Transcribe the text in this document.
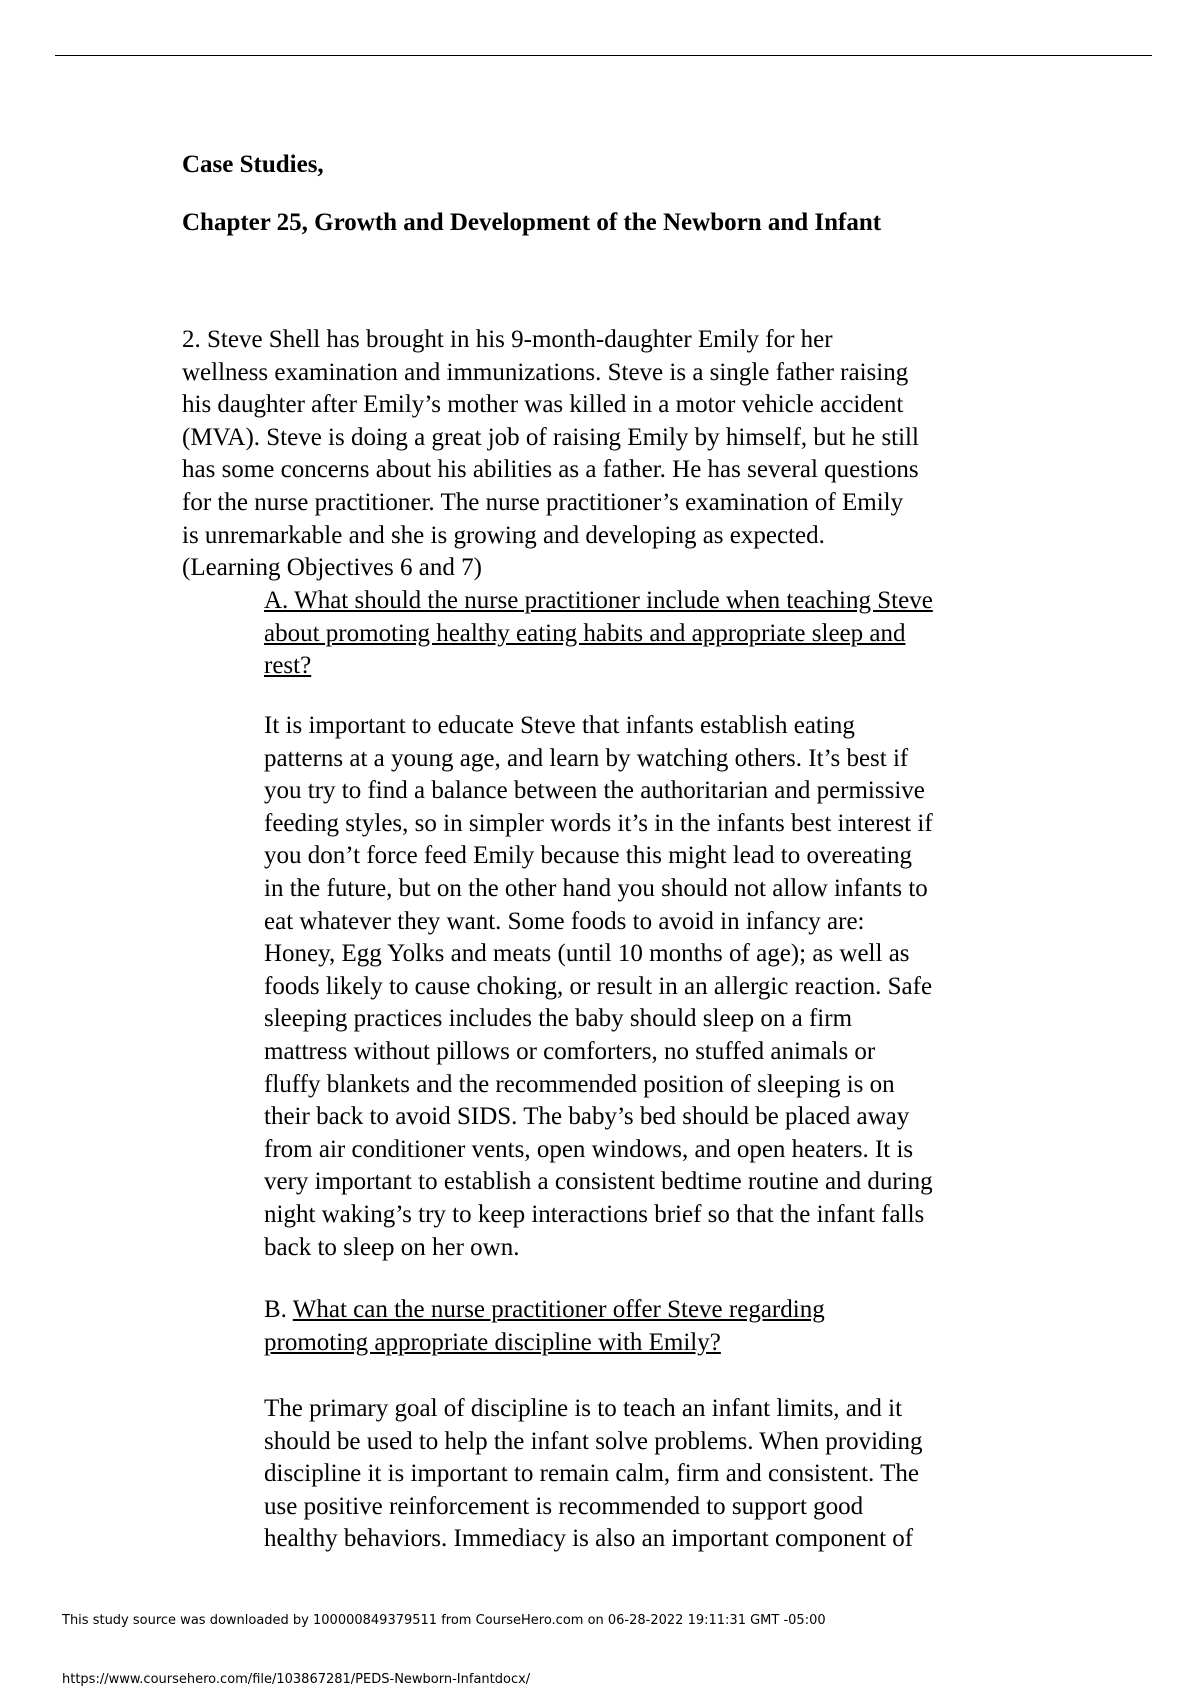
Case Studies,
Chapter 25, Growth and Development of the Newborn and Infant

2. Steve Shell has brought in his 9-month-daughter Emily for her
wellness examination and immunizations. Steve is a single father raising
his daughter after Emily’s mother was killed in a motor vehicle accident
(MVA). Steve is doing a great job of raising Emily by himself, but he still
has some concerns about his abilities as a father. He has several questions
for the nurse practitioner. The nurse practitioner’s examination of Emily
is unremarkable and she is growing and developing as expected.
(Learning Objectives 6 and 7)

A. What should the nurse practitioner include when teaching Steve
about promoting healthy eating habits and appropriate sleep and
rest?

It is important to educate Steve that infants establish eating
patterns at a young age, and learn by watching others. It’s best if
you try to find a balance between the authoritarian and permissive
feeding styles, so in simpler words it’s in the infants best interest if
you don’t force feed Emily because this might lead to overeating
in the future, but on the other hand you should not allow infants to
eat whatever they want. Some foods to avoid in infancy are:
Honey, Egg Yolks and meats (until 10 months of age); as well as
foods likely to cause choking, or result in an allergic reaction. Safe
sleeping practices includes the baby should sleep on a firm
mattress without pillows or comforters, no stuffed animals or
fluffy blankets and the recommended position of sleeping is on
their back to avoid SIDS. The baby’s bed should be placed away
from air conditioner vents, open windows, and open heaters. It is
very important to establish a consistent bedtime routine and during
night waking’s try to keep interactions brief so that the infant falls
back to sleep on her own.

B. What can the nurse practitioner offer Steve regarding
promoting appropriate discipline with Emily?

The primary goal of discipline is to teach an infant limits, and it
should be used to help the infant solve problems. When providing
discipline it is important to remain calm, firm and consistent. The
use positive reinforcement is recommended to support good
healthy behaviors. Immediacy is also an important component of

This study source was downloaded by 100000849379511 from CourseHero.com on 06-28-2022 19:11:31 GMT -05:00

https://www.coursehero.com/file/103867281/PEDS-Newborn-Infantdocx/
